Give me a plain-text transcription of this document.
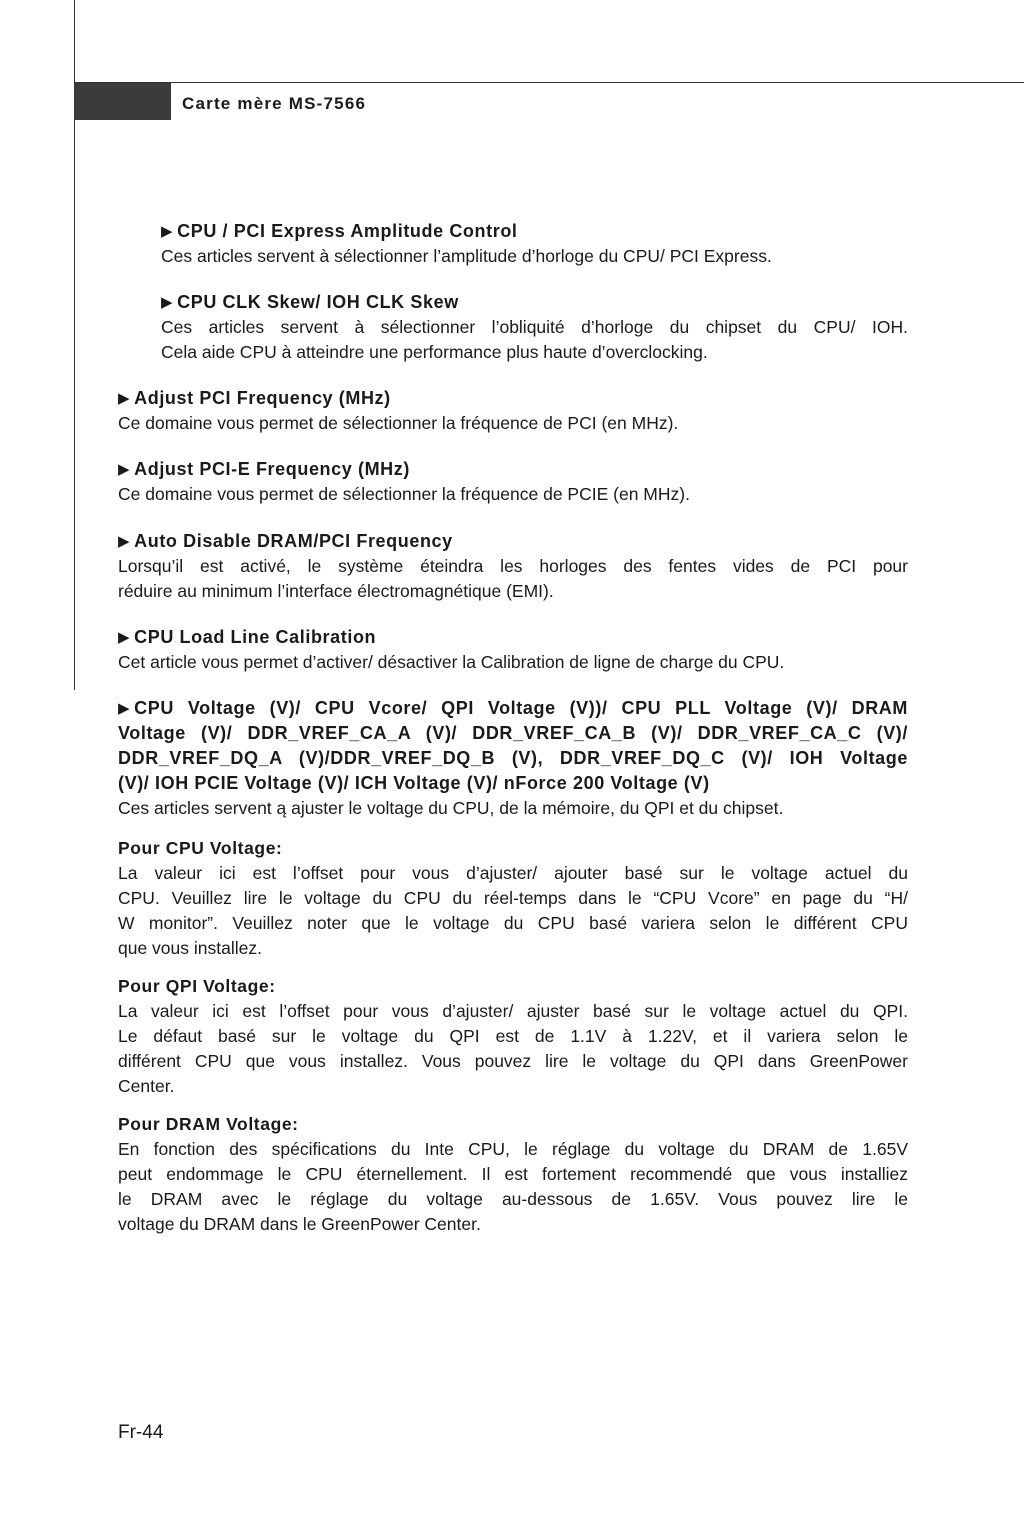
Carte mère MS-7566

▶ CPU / PCI Express Amplitude Control

Ces articles servent à sélectionner l’amplitude d’horloge du CPU/ PCI Express.

▶ CPU CLK Skew/ IOH CLK Skew

Ces articles servent à sélectionner l’obliquité d’horloge du chipset du CPU/ IOH.
Cela aide CPU à atteindre une performance plus haute d’overclocking.

▶ Adjust PCI Frequency (MHz)

Ce domaine vous permet de sélectionner la fréquence de PCI (en MHz).

▶ Adjust PCI-E Frequency (MHz)

Ce domaine vous permet de sélectionner la fréquence de PCIE (en MHz).

▶ Auto Disable DRAM/PCI Frequency

Lorsqu’il est activé, le système éteindra les horloges des fentes vides de PCI pour
réduire au minimum l’interface électromagnétique (EMI).

▶ CPU Load Line Calibration

Cet article vous permet d’activer/ désactiver la Calibration de ligne de charge du CPU.

▶ CPU Voltage (V)/ CPU Vcore/ QPI Voltage (V))/ CPU PLL Voltage (V)/ DRAM
Voltage (V)/ DDR_VREF_CA_A (V)/ DDR_VREF_CA_B (V)/ DDR_VREF_CA_C (V)/
DDR_VREF_DQ_A (V)/DDR_VREF_DQ_B (V), DDR_VREF_DQ_C (V)/ IOH Voltage
(V)/ IOH PCIE Voltage (V)/ ICH Voltage (V)/ nForce 200 Voltage (V)

Ces articles servent ą ajuster le voltage du CPU, de la mémoire, du QPI et du chipset.

Pour CPU Voltage:

La valeur ici est l’offset pour vous d’ajuster/ ajouter basé sur le voltage actuel du
CPU. Veuillez lire le voltage du CPU du réel-temps dans le “CPU Vcore” en page du “H/
W monitor”. Veuillez noter que le voltage du CPU basé variera selon le différent CPU
que vous installez.

Pour QPI Voltage:

La valeur ici est l’offset pour vous d’ajuster/ ajuster basé sur le voltage actuel du QPI.
Le défaut basé sur le voltage du QPI est de 1.1V à 1.22V, et il variera selon le
différent CPU que vous installez. Vous pouvez lire le voltage du QPI dans GreenPower
Center.

Pour DRAM Voltage:

En fonction des spécifications du Inte CPU, le réglage du voltage du DRAM de 1.65V
peut endommage le CPU éternellement. Il est fortement recommendé que vous installiez
le DRAM avec le réglage du voltage au-dessous de 1.65V. Vous pouvez lire le
voltage du DRAM dans le GreenPower Center.

Fr-44
